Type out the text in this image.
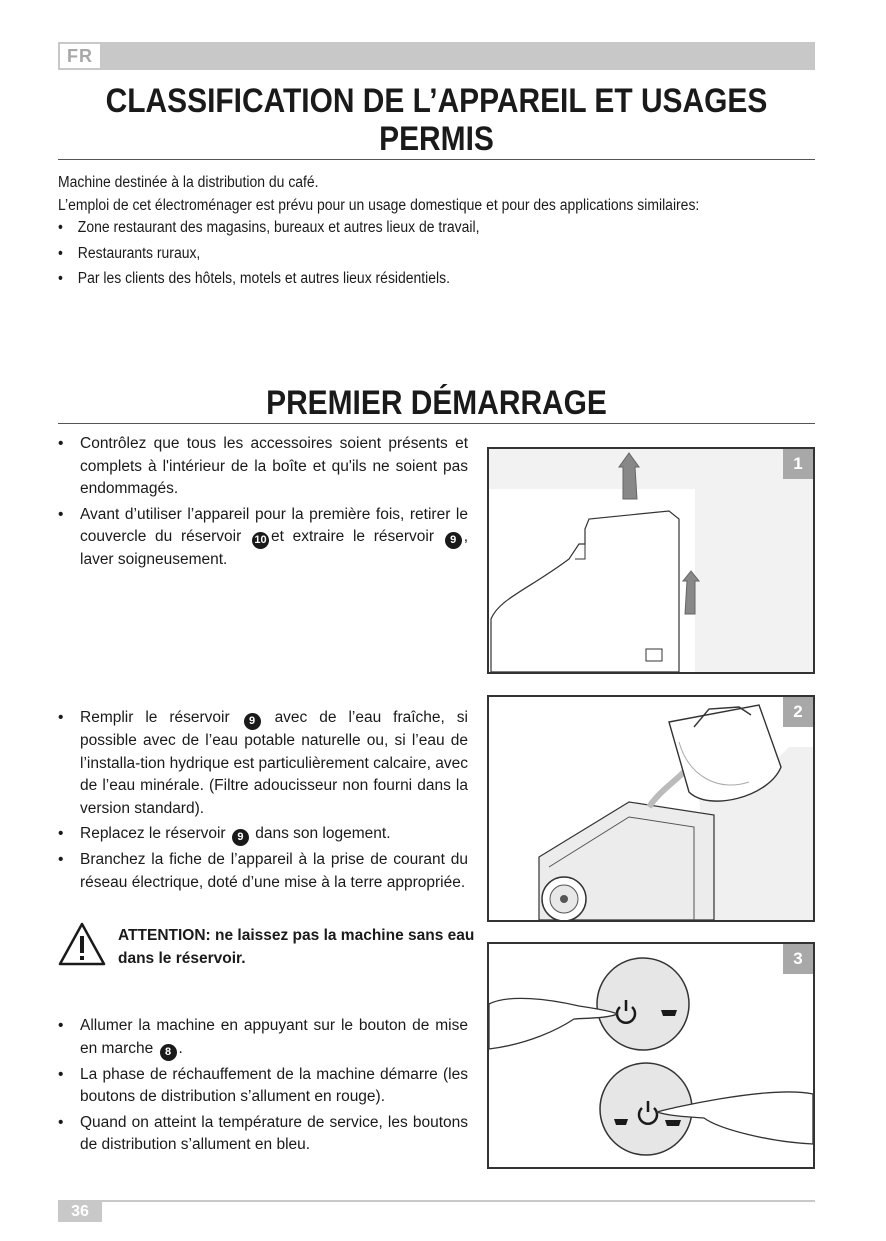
FR
CLASSIFICATION DE L’APPAREIL ET USAGES
PERMIS
Machine destinée à la distribution du café.
L’emploi de cet électroménager est prévu pour un usage domestique et pour des applications similaires:
• Zone restaurant des magasins, bureaux et autres lieux de travail,
• Restaurants ruraux,
• Par les clients des hôtels, motels et autres lieux résidentiels.
PREMIER DÉMARRAGE
• Contrôlez que tous les accessoires soient présents et complets à l'intérieur de la boîte et qu'ils ne soient pas endommagés.
• Avant d’utiliser l’appareil pour la première fois, retirer le couvercle du réservoir 10 et extraire le réservoir 9 , laver soigneusement.
1
• Remplir le réservoir 9 avec de l’eau fraîche, si possible avec de l’eau potable naturelle ou, si l’eau de l’installa-tion hydrique est particulièrement calcaire, avec de l’eau minérale. (Filtre adoucisseur non fourni dans la version standard).
• Replacez le réservoir 9 dans son logement.
• Branchez la fiche de l’appareil à la prise de courant du réseau électrique, doté d’une mise à la terre appropriée.
2
ATTENTION: ne laissez pas la machine sans eau dans le réservoir.
• Allumer la machine en appuyant sur le bouton de mise en marche 8 .
• La phase de réchauffement de la machine démarre (les boutons de distribution s’allument en rouge).
• Quand on atteint la température de service, les boutons de distribution s’allument en bleu.
3
36
